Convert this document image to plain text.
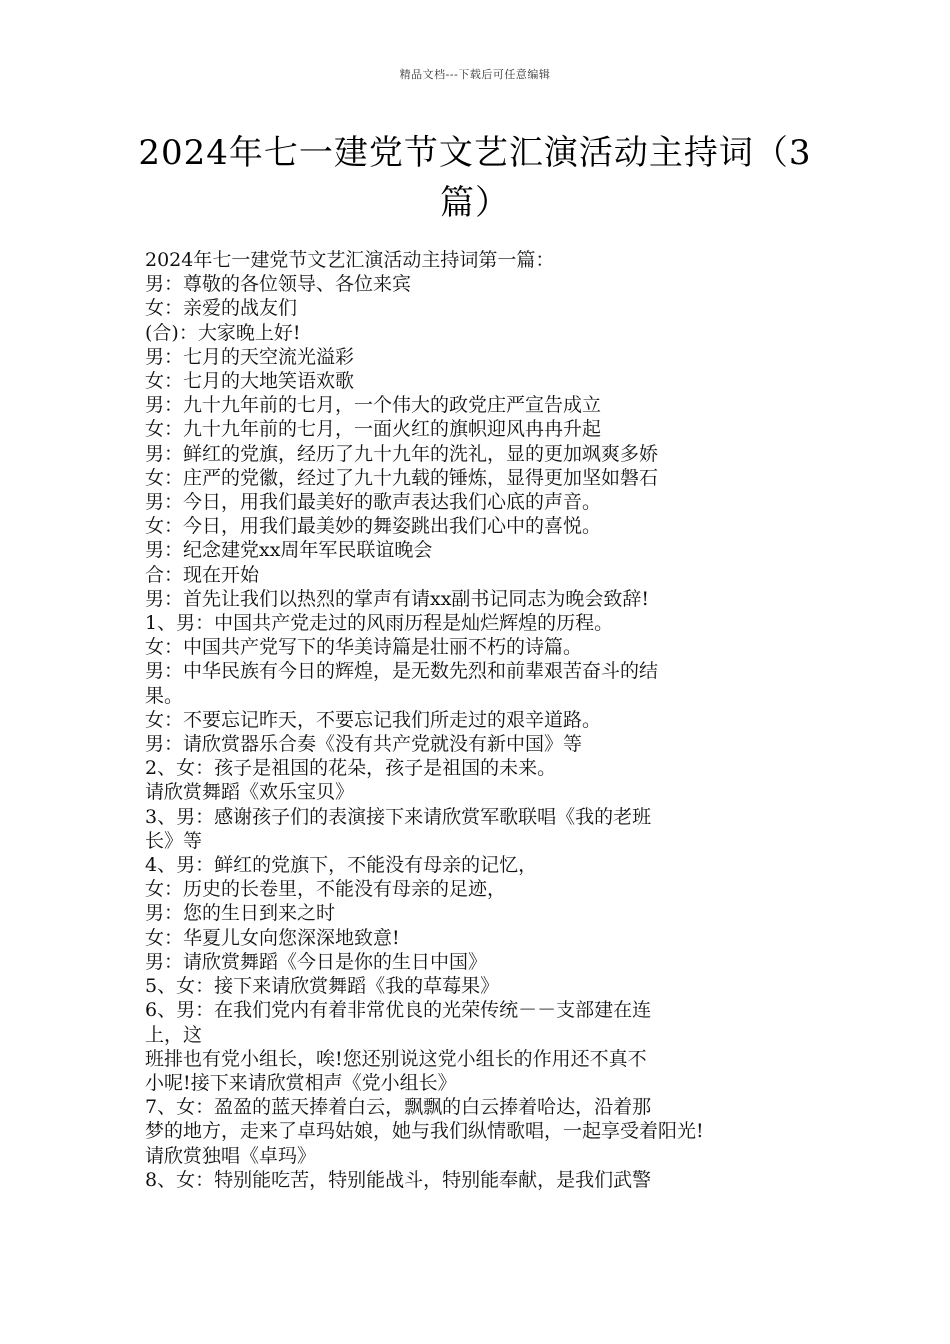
精品文档---下载后可任意编辑
2024年七一建党节文艺汇演活动主持词（3
篇）

2024年七一建党节文艺汇演活动主持词第一篇：

男：尊敬的各位领导、各位来宾

女：亲爱的战友们

(合)：大家晚上好!

男：七月的天空流光溢彩

女：七月的大地笑语欢歌

男：九十九年前的七月，一个伟大的政党庄严宣告成立

女：九十九年前的七月，一面火红的旗帜迎风冉冉升起

男：鲜红的党旗，经历了九十九年的洗礼，显的更加飒爽多娇

女：庄严的党徽，经过了九十九载的锤炼，显得更加坚如磐石

男：今日，用我们最美好的歌声表达我们心底的声音。

女：今日，用我们最美妙的舞姿跳出我们心中的喜悦。

男：纪念建党xx周年军民联谊晚会

合：现在开始

男：首先让我们以热烈的掌声有请xx副书记同志为晚会致辞!

1、男：中国共产党走过的风雨历程是灿烂辉煌的历程。

女：中国共产党写下的华美诗篇是壮丽不朽的诗篇。

男：中华民族有今日的辉煌，是无数先烈和前辈艰苦奋斗的结

果。

女：不要忘记昨天，不要忘记我们所走过的艰辛道路。

男：请欣赏器乐合奏《没有共产党就没有新中国》等

2、女：孩子是祖国的花朵，孩子是祖国的未来。

请欣赏舞蹈《欢乐宝贝》

3、男：感谢孩子们的表演接下来请欣赏军歌联唱《我的老班

长》等

4、男：鲜红的党旗下，不能没有母亲的记忆，

女：历史的长卷里，不能没有母亲的足迹，

男：您的生日到来之时

女：华夏儿女向您深深地致意!

男：请欣赏舞蹈《今日是你的生日中国》

5、女：接下来请欣赏舞蹈《我的草莓果》

6、男：在我们党内有着非常优良的光荣传统－－支部建在连

上，这

班排也有党小组长，唉!您还别说这党小组长的作用还不真不

小呢!接下来请欣赏相声《党小组长》

7、女：盈盈的蓝天捧着白云，飘飘的白云捧着哈达，沿着那

梦的地方，走来了卓玛姑娘，她与我们纵情歌唱，一起享受着阳光!

请欣赏独唱《卓玛》

8、女：特别能吃苦，特别能战斗，特别能奉献，是我们武警
